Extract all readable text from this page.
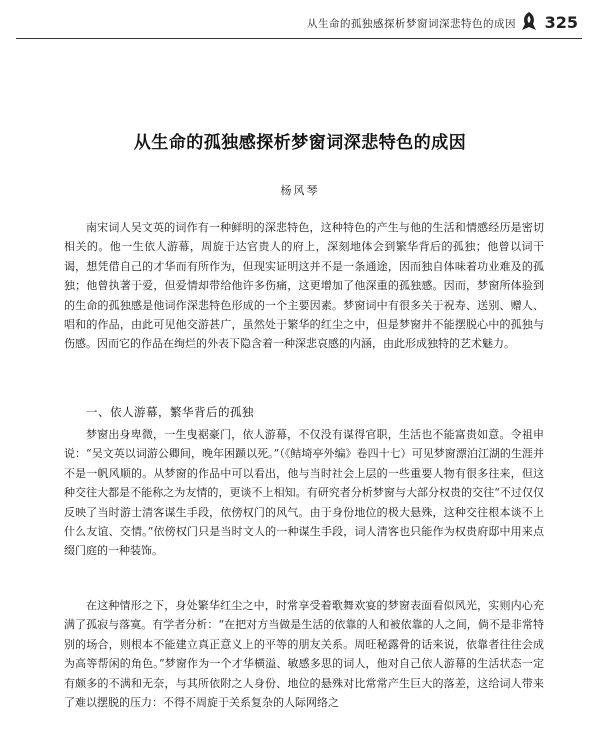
从生命的孤独感探析梦窗词深悲特色的成因 325
从生命的孤独感探析梦窗词深悲特色的成因
杨风琴

南宋词人吴文英的词作有一种鲜明的深悲特色，这种特色的产生与他的生活和情感经历是密切相关的。他一生依人游幕，周旋于达官贵人的府上，深刻地体会到繁华背后的孤独；他曾以词干谒，想凭借自己的才华而有所作为，但现实证明这并不是一条通途，因而独自体味着功业难及的孤独；他曾执著于爱，但爱情却带给他许多伤痛，这更增加了他深重的孤独感。因而，梦窗所体验到的生命的孤独感是他词作深悲特色形成的一个主要因素。梦窗词中有很多关于祝寿、送别、赠人、唱和的作品，由此可见他交游甚广，虽然处于繁华的红尘之中，但是梦窗并不能摆脱心中的孤独与伤感。因而它的作品在绚烂的外表下隐含着一种深悲哀感的内涵，由此形成独特的艺术魅力。

一、依人游幕，繁华背后的孤独

梦窗出身卑微，一生曳裾豪门，依人游幕，不仅没有谋得官职，生活也不能富贵如意。令祖申说：“吴文英以词游公卿间，晚年困踬以死。”（《鲒埼亭外编》卷四十七）可见梦窗漂泊江湖的生涯并不是一帆风顺的。从梦窗的作品中可以看出，他与当时社会上层的一些重要人物有很多往来，但这种交往大都是不能称之为友情的，更谈不上相知。有研究者分析梦窗与大部分权贵的交往“不过仅仅反映了当时游士清客谋生手段，依傍权门的风气。由于身份地位的极大悬殊，这种交往根本谈不上什么友谊、交情。”依傍权门只是当时文人的一种谋生手段，词人清客也只能作为权贵府邸中用来点缀门庭的一种装饰。

在这种情形之下，身处繁华红尘之中，时常享受着歌舞欢宴的梦窗表面看似风光，实则内心充满了孤寂与落寞。有学者分析：“在把对方当做是生活的依靠的人和被依靠的人之间，倘不是非常特别的场合，则根本不能建立真正意义上的平等的朋友关系。周旺秘露骨的话来说，依靠者往往会成为高等帮闲的角色。”梦窗作为一个才华横溢、敏感多思的词人，他对自己依人游幕的生活状态一定有颇多的不满和无奈，与其所依附之人身份、地位的悬殊对比常常产生巨大的落差，这给词人带来了难以摆脱的压力：不得不周旋于关系复杂的人际网络之
